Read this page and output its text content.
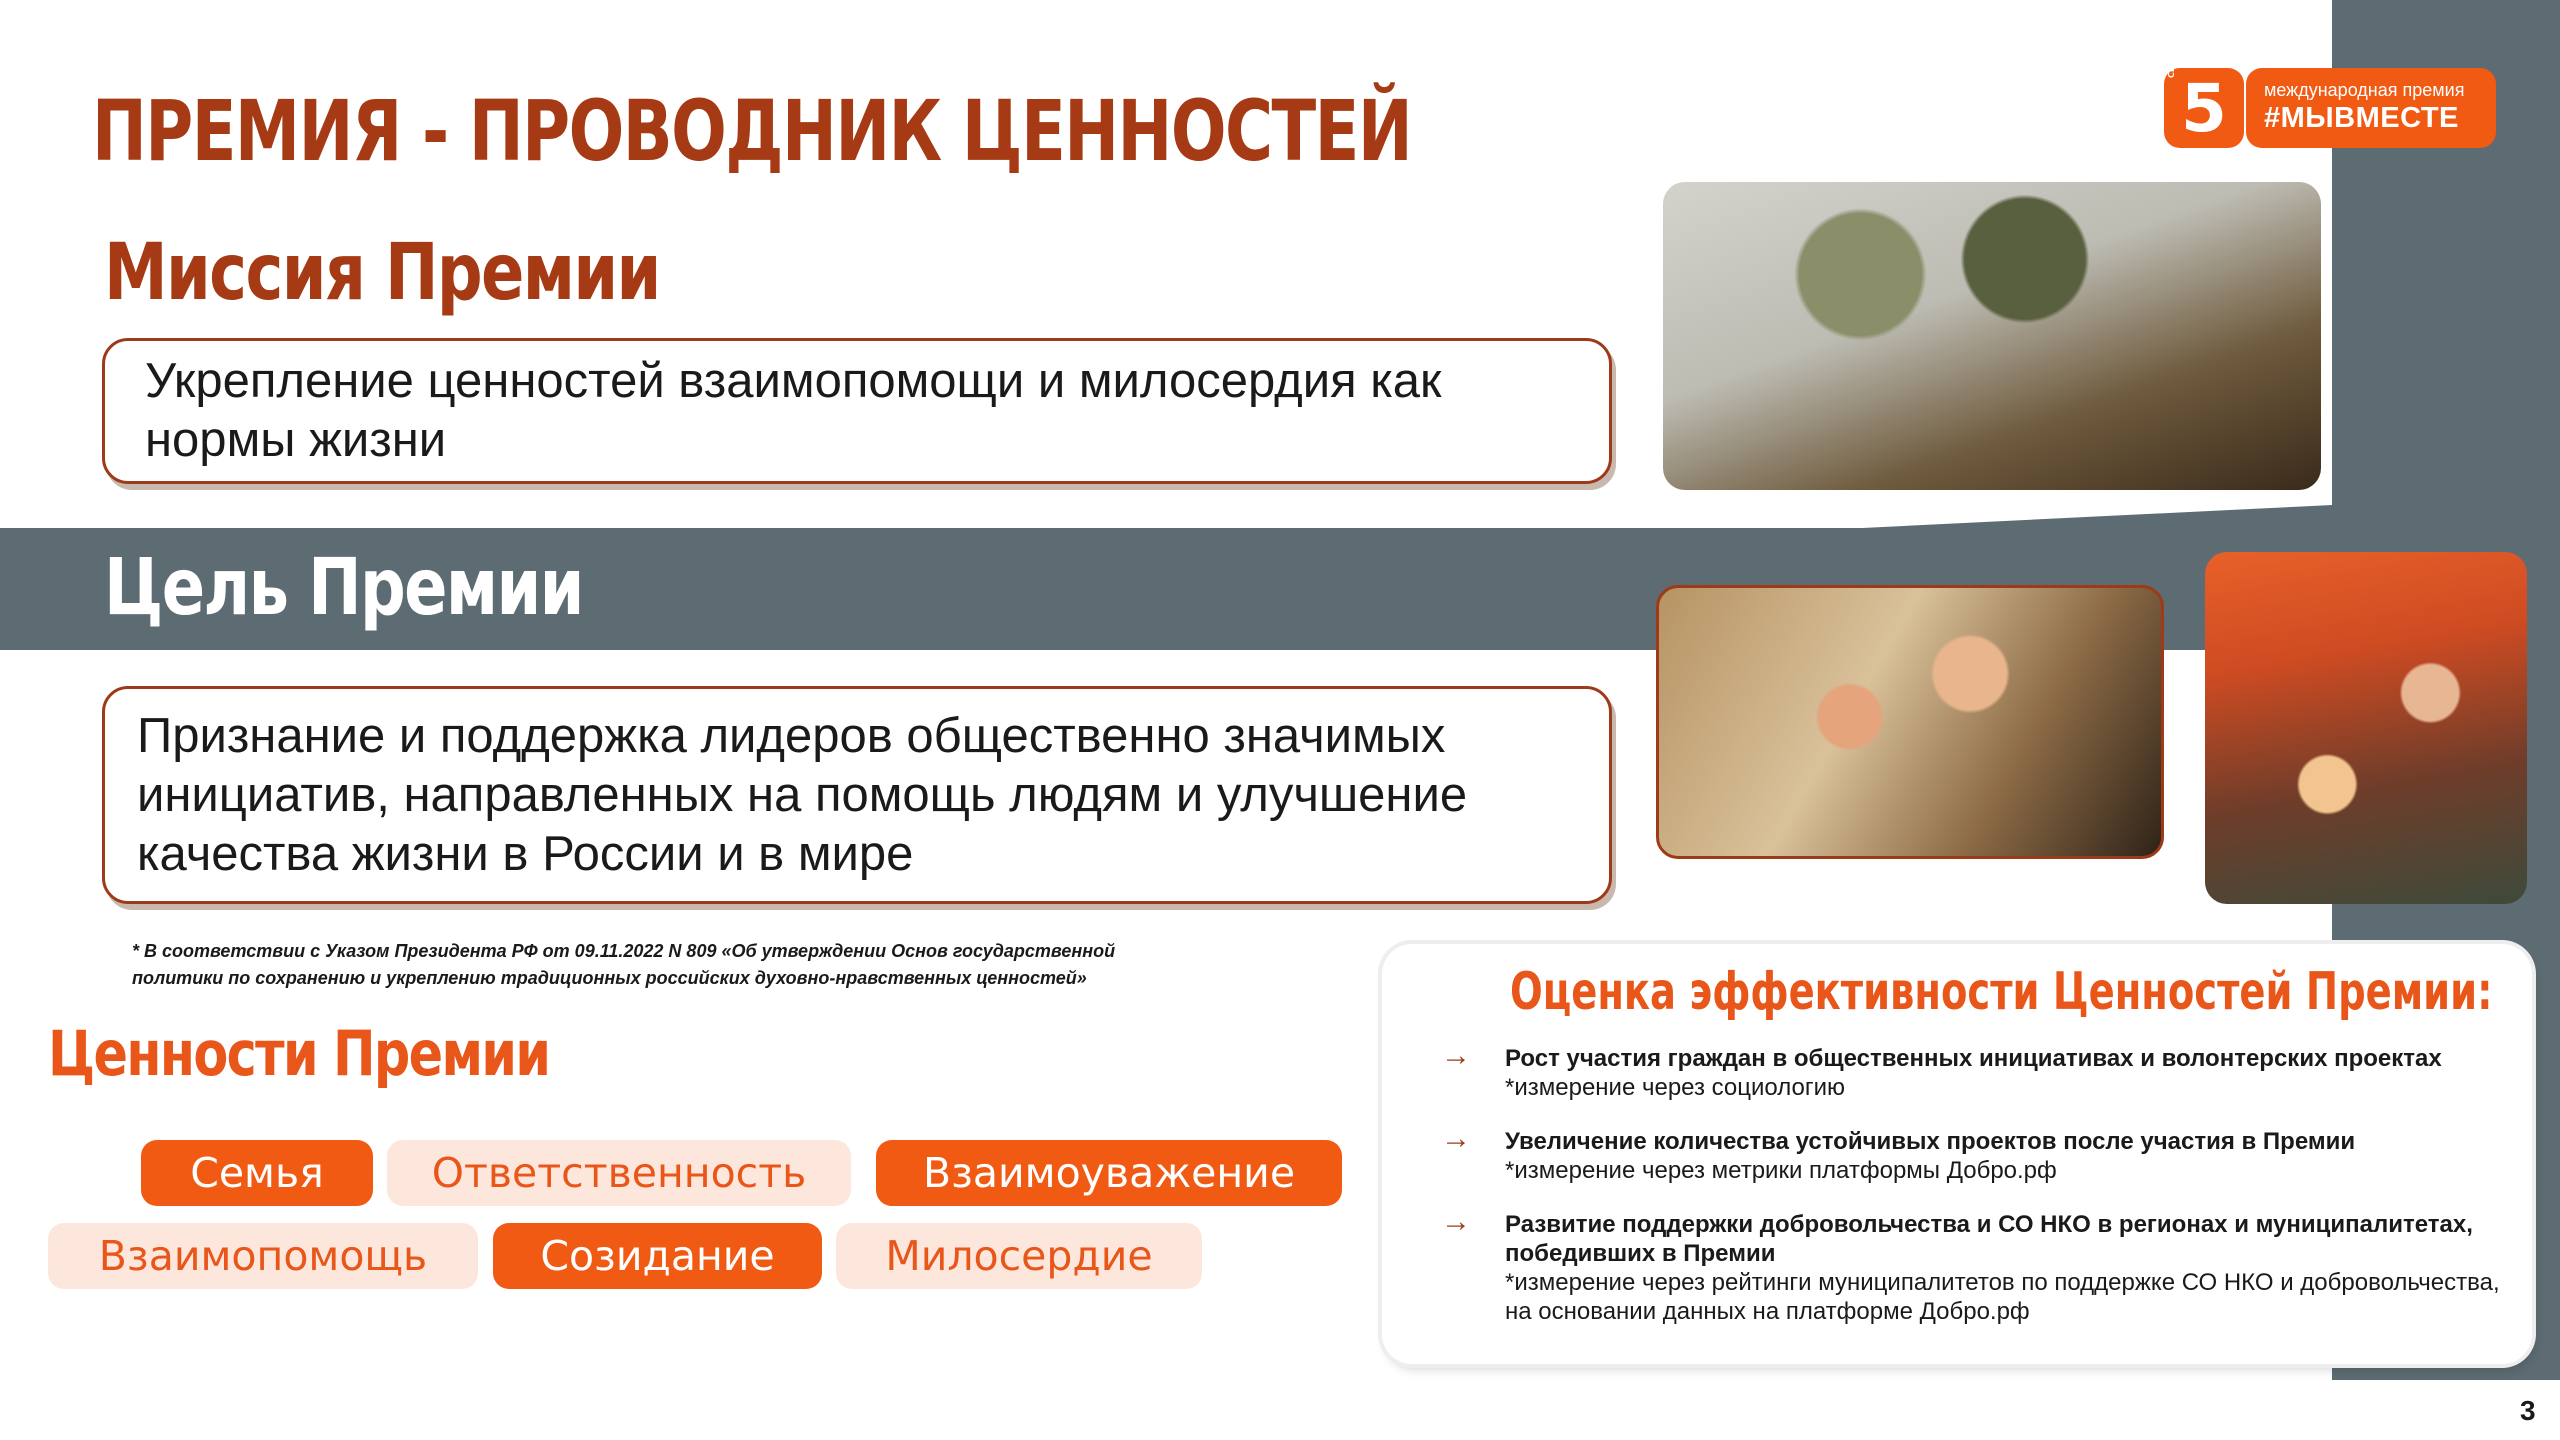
ПРЕМИЯ - ПРОВОДНИК ЦЕННОСТЕЙ
Миссия Премии
Цель Премии
Укрепление ценностей взаимопомощи и милосердия как нормы жизни
Признание и поддержка лидеров общественно значимых инициатив, направленных на помощь людям и улучшение качества жизни в России и в мире
* В соответствии с Указом Президента РФ от 09.11.2022 N 809 «Об утверждении Основ государственной политики по сохранению и укреплению традиционных российских духовно-нравственных ценностей»
Ценности Премии
Семья	Ответственность	Взаимоуважение
Взаимопомощь	Созидание	Милосердие
СЕЗОН
5 международная премия
#МЫВМЕСТЕ
Оценка эффективности Ценностей Премии:
→ Рост участия граждан в общественных инициативах и волонтерских проектах
*измерение через социологию
→ Увеличение количества устойчивых проектов после участия в Премии
*измерение через метрики платформы Добро.рф
→ Развитие поддержки добровольчества и СО НКО в регионах и муниципалитетах, победивших в Премии
*измерение через рейтинги муниципалитетов по поддержке СО НКО и добровольчества, на основании данных на платформе Добро.рф
3
